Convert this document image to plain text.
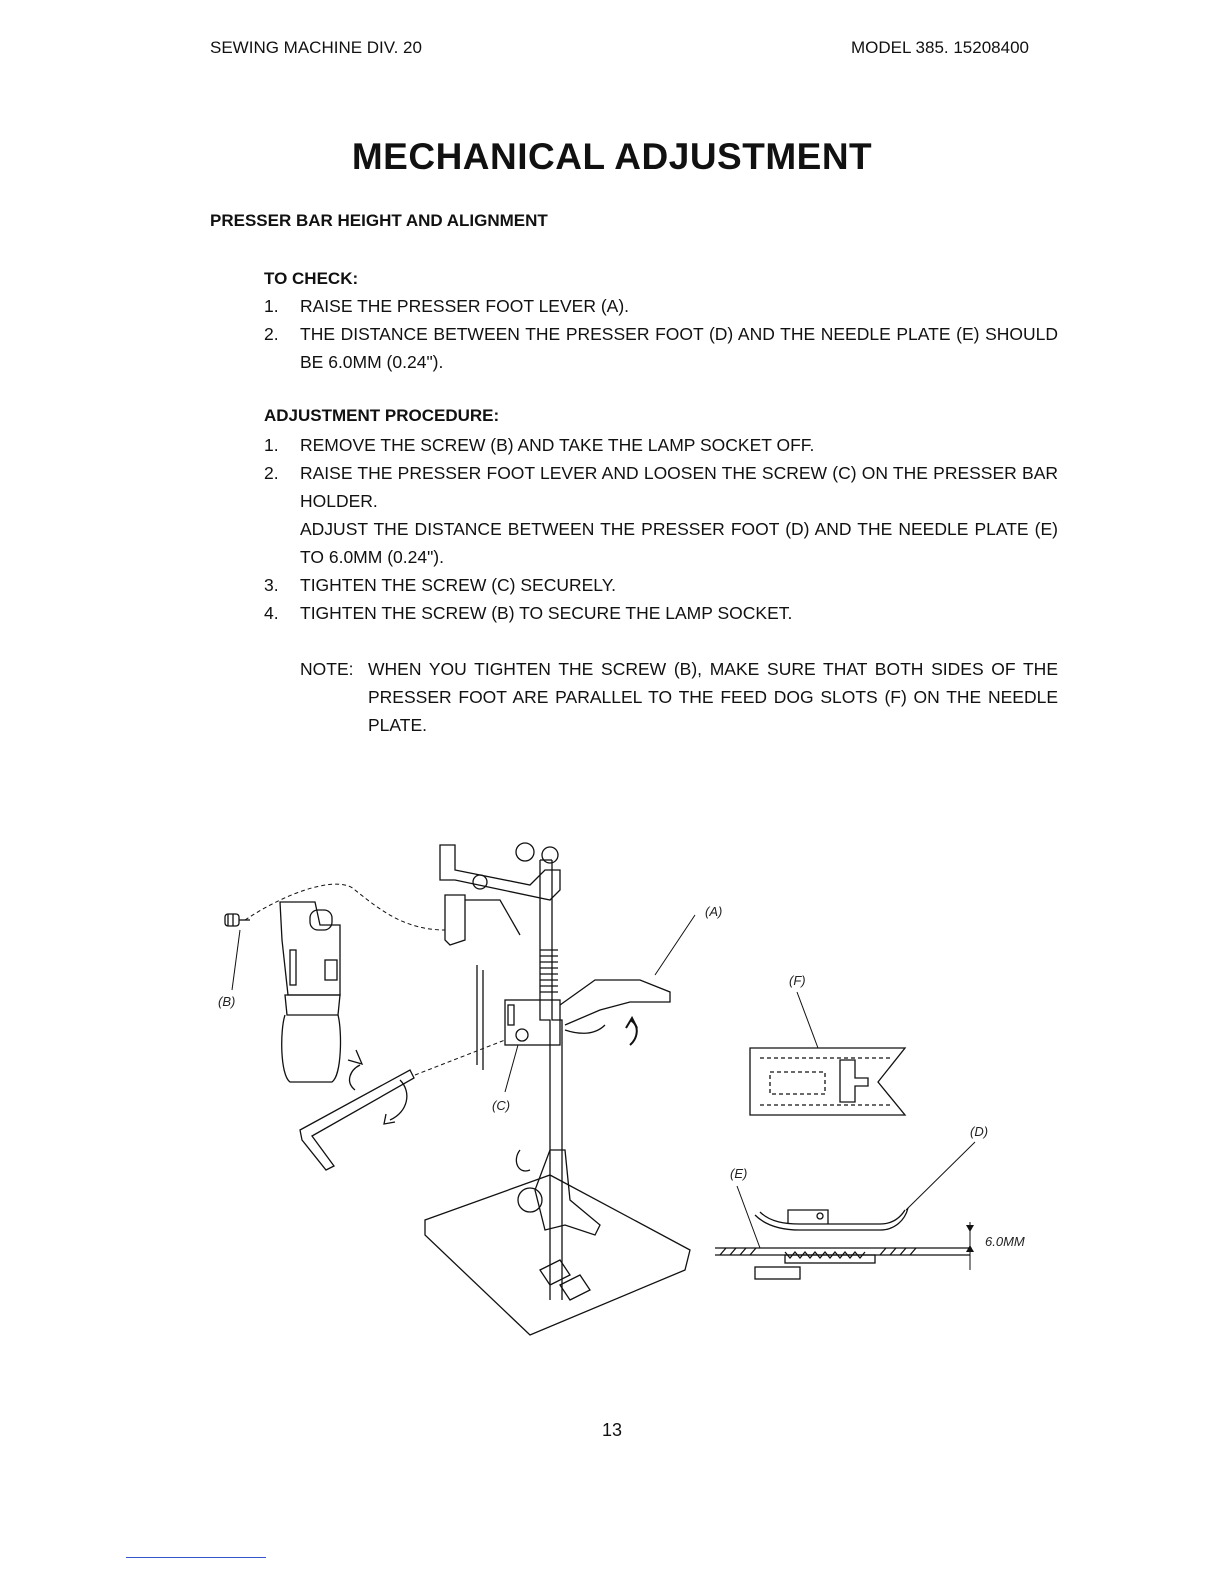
SEWING MACHINE DIV. 20	MODEL 385. 15208400
MECHANICAL ADJUSTMENT
PRESSER BAR HEIGHT AND ALIGNMENT
TO CHECK:
1.	RAISE THE PRESSER FOOT LEVER (A).
2.	THE DISTANCE BETWEEN THE PRESSER FOOT (D) AND THE NEEDLE PLATE (E) SHOULD BE 6.0MM (0.24").
ADJUSTMENT PROCEDURE:
1.	REMOVE THE SCREW (B) AND TAKE THE LAMP SOCKET OFF.
2.	RAISE THE PRESSER FOOT LEVER AND LOOSEN THE SCREW (C) ON THE PRESSER BAR HOLDER.

ADJUST THE DISTANCE BETWEEN THE PRESSER FOOT (D) AND THE NEEDLE PLATE (E) TO 6.0MM (0.24").

3.	TIGHTEN THE SCREW (C) SECURELY.
4.	TIGHTEN THE SCREW (B) TO SECURE THE LAMP SOCKET.
NOTE: WHEN YOU TIGHTEN THE SCREW (B), MAKE SURE THAT BOTH SIDES OF THE PRESSER FOOT ARE PARALLEL TO THE FEED DOG SLOTS (F) ON THE NEEDLE PLATE.
(B)
(A)
(C)
(F)
(D)
(E)
6.0MM
13
